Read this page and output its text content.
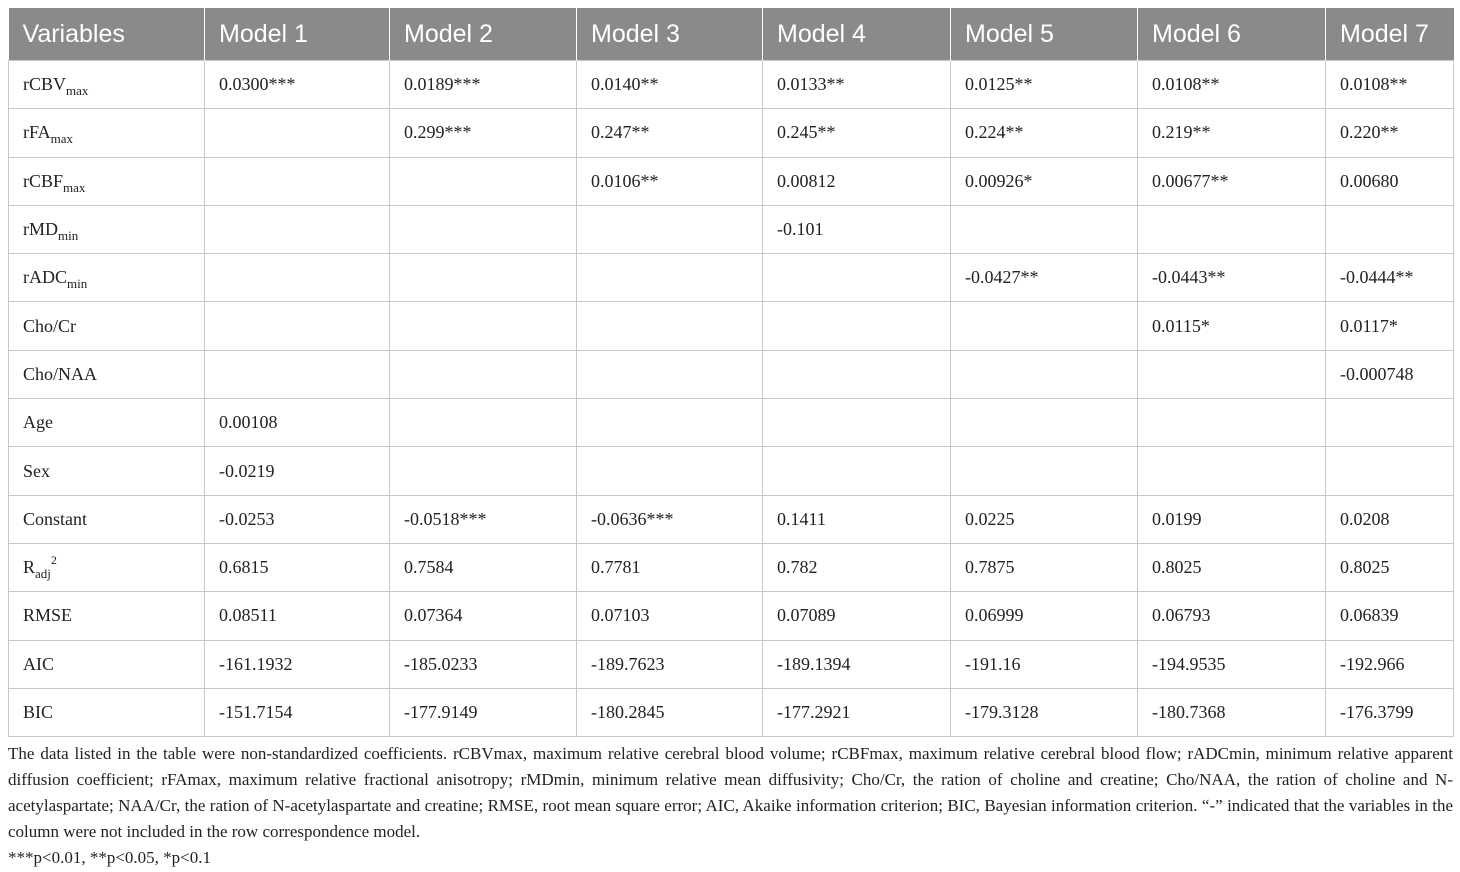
Variables	Model 1	Model 2	Model 3	Model 4	Model 5	Model 6	Model 7
rCBV$_{max}$	0.0300***	0.0189***	0.0140**	0.0133**	0.0125**	0.0108**	0.0108**
rFA$_{max}$		0.299***	0.247**	0.245**	0.224**	0.219**	0.220**
rCBF$_{max}$			0.0106**	0.00812	0.00926*	0.00677**	0.00680
rMD$_{min}$				-0.101			
rADC$_{min}$					-0.0427**	-0.0443**	-0.0444**
Cho/Cr						0.0115*	0.0117*
Cho/NAA							-0.000748
Age	0.00108						
Sex	-0.0219						
Constant	-0.0253	-0.0518***	-0.0636***	0.1411	0.0225	0.0199	0.0208
$R_{adj}^2$	0.6815	0.7584	0.7781	0.782	0.7875	0.8025	0.8025
RMSE	0.08511	0.07364	0.07103	0.07089	0.06999	0.06793	0.06839
AIC	-161.1932	-185.0233	-189.7623	-189.1394	-191.16	-194.9535	-192.966
BIC	-151.7154	-177.9149	-180.2845	-177.2921	-179.3128	-180.7368	-176.3799

The data listed in the table were non-standardized coefficients. rCBVmax, maximum relative cerebral blood volume; rCBFmax, maximum relative cerebral blood flow; rADCmin, minimum relative apparent diffusion coefficient; rFAmax, maximum relative fractional anisotropy; rMDmin, minimum relative mean diffusivity; Cho/Cr, the ration of choline and creatine; Cho/NAA, the ration of choline and N-acetylaspartate; NAA/Cr, the ration of N-acetylaspartate and creatine; RMSE, root mean square error; AIC, Akaike information criterion; BIC, Bayesian information criterion. “-” indicated that the variables in the column were not included in the row correspondence model.

***p<0.01, **p<0.05, *p<0.1
